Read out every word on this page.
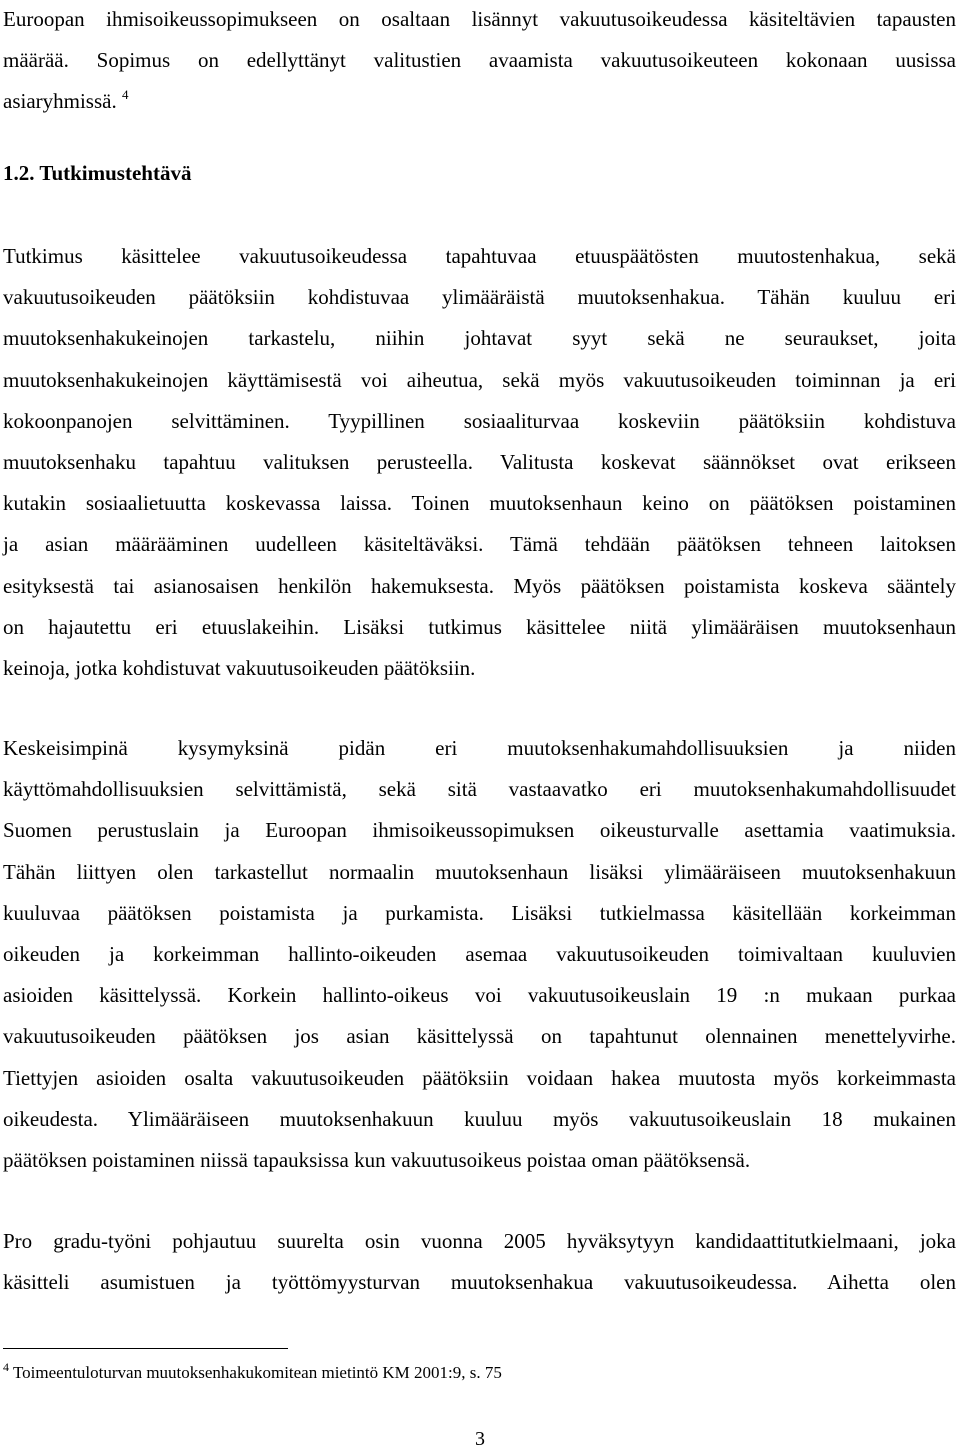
Euroopan ihmisoikeussopimukseen on osaltaan lisännyt vakuutusoikeudessa käsiteltävien tapausten
määrää. Sopimus on edellyttänyt valitustien avaamista vakuutusoikeuteen kokonaan uusissa
asiaryhmissä. $^4$
1.2. Tutkimustehtävä
Tutkimus käsittelee vakuutusoikeudessa tapahtuvaa etuuspäätösten muutostenhakua, sekä
vakuutusoikeuden päätöksiin kohdistuvaa ylimääräistä muutoksenhakua. Tähän kuuluu eri
muutoksenhakukeinojen tarkastelu, niihin johtavat syyt sekä ne seuraukset, joita
muutoksenhakukeinojen käyttämisestä voi aiheutua, sekä myös vakuutusoikeuden toiminnan ja eri
kokoonpanojen selvittäminen. Tyypillinen sosiaaliturvaa koskeviin päätöksiin kohdistuva
muutoksenhaku tapahtuu valituksen perusteella. Valitusta koskevat säännökset ovat erikseen
kutakin sosiaalietuutta koskevassa laissa. Toinen muutoksenhaun keino on päätöksen poistaminen
ja asian määrääminen uudelleen käsiteltäväksi. Tämä tehdään päätöksen tehneen laitoksen
esityksestä tai asianosaisen henkilön hakemuksesta. Myös päätöksen poistamista koskeva sääntely
on hajautettu eri etuuslakeihin. Lisäksi tutkimus käsittelee niitä ylimääräisen muutoksenhaun
keinoja, jotka kohdistuvat vakuutusoikeuden päätöksiin.
Keskeisimpinä kysymyksinä pidän eri muutoksenhakumahdollisuuksien ja niiden
käyttömahdollisuuksien selvittämistä, sekä sitä vastaavatko eri muutoksenhakumahdollisuudet
Suomen perustuslain ja Euroopan ihmisoikeussopimuksen oikeusturvalle asettamia vaatimuksia.
Tähän liittyen olen tarkastellut normaalin muutoksenhaun lisäksi ylimääräiseen muutoksenhakuun
kuuluvaa päätöksen poistamista ja purkamista. Lisäksi tutkielmassa käsitellään korkeimman
oikeuden ja korkeimman hallinto-oikeuden asemaa vakuutusoikeuden toimivaltaan kuuluvien
asioiden käsittelyssä. Korkein hallinto-oikeus voi vakuutusoikeuslain 19 :n mukaan purkaa
vakuutusoikeuden päätöksen jos asian käsittelyssä on tapahtunut olennainen menettelyvirhe.
Tiettyjen asioiden osalta vakuutusoikeuden päätöksiin voidaan hakea muutosta myös korkeimmasta
oikeudesta. Ylimääräiseen muutoksenhakuun kuuluu myös vakuutusoikeuslain 18 mukainen
päätöksen poistaminen niissä tapauksissa kun vakuutusoikeus poistaa oman päätöksensä.
Pro gradu-työni pohjautuu suurelta osin vuonna 2005 hyväksytyyn kandidaattitutkielmaani, joka
käsitteli asumistuen ja työttömyysturvan muutoksenhakua vakuutusoikeudessa. Aihetta olen
$^4$ Toimeentuloturvan muutoksenhakukomitean mietintö KM 2001:9, s. 75
3
